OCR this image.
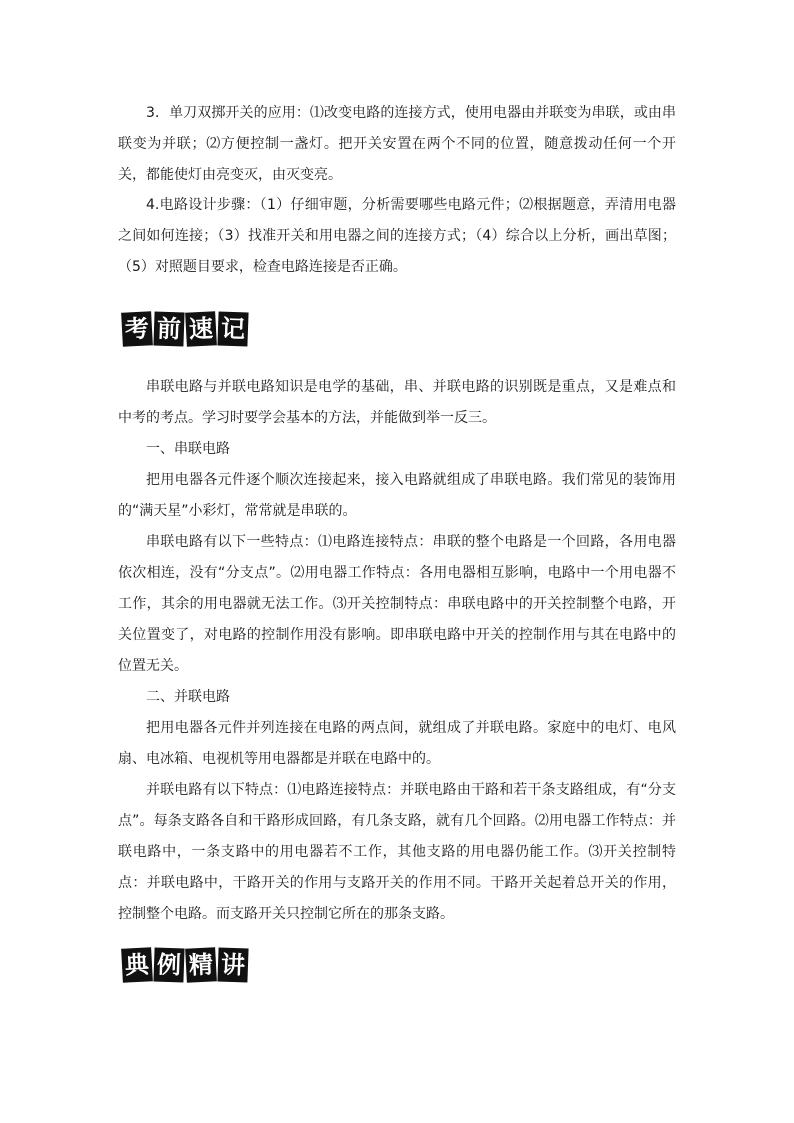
3．单刀双掷开关的应用：⑴改变电路的连接方式，使用电器由并联变为串联，或由串联变为并联；⑵方便控制一盏灯。把开关安置在两个不同的位置，随意拨动任何一个开关，都能使灯由亮变灭，由灭变亮。

4.电路设计步骤：（1）仔细审题，分析需要哪些电路元件；⑵根据题意，弄清用电器之间如何连接；（3）找准开关和用电器之间的连接方式；（4）综合以上分析，画出草图；（5）对照题目要求，检查电路连接是否正确。

考 前 速 记

串联电路与并联电路知识是电学的基础，串、并联电路的识别既是重点，又是难点和中考的考点。学习时要学会基本的方法，并能做到举一反三。

一、串联电路

把用电器各元件逐个顺次连接起来，接入电路就组成了串联电路。我们常见的装饰用的“满天星”小彩灯，常常就是串联的。

串联电路有以下一些特点：⑴电路连接特点：串联的整个电路是一个回路，各用电器依次相连，没有“分支点”。⑵用电器工作特点：各用电器相互影响，电路中一个用电器不工作，其余的用电器就无法工作。⑶开关控制特点：串联电路中的开关控制整个电路，开关位置变了，对电路的控制作用没有影响。即串联电路中开关的控制作用与其在电路中的位置无关。

二、并联电路

把用电器各元件并列连接在电路的两点间，就组成了并联电路。家庭中的电灯、电风扇、电冰箱、电视机等用电器都是并联在电路中的。

并联电路有以下特点：⑴电路连接特点：并联电路由干路和若干条支路组成，有“分支点”。每条支路各自和干路形成回路，有几条支路，就有几个回路。⑵用电器工作特点：并联电路中，一条支路中的用电器若不工作，其他支路的用电器仍能工作。⑶开关控制特点：并联电路中，干路开关的作用与支路开关的作用不同。干路开关起着总开关的作用，控制整个电路。而支路开关只控制它所在的那条支路。

典 例 精 讲
